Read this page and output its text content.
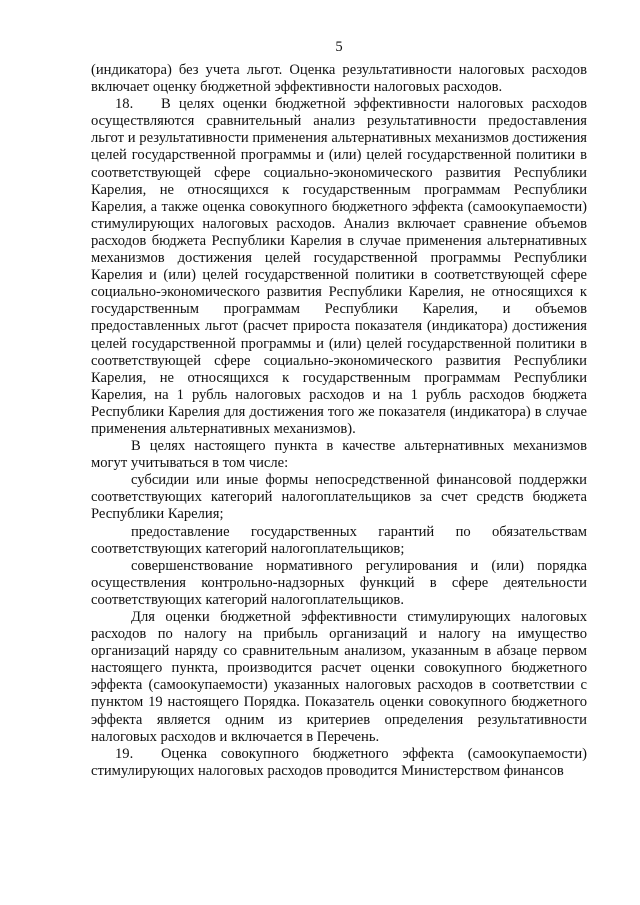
5

(индикатора) без учета льгот. Оценка результативности налоговых расходов включает оценку бюджетной эффективности налоговых расходов.

18. В целях оценки бюджетной эффективности налоговых расходов осуществляются сравнительный анализ результативности предоставления льгот и результативности применения альтернативных механизмов достижения целей государственной программы и (или) целей государственной политики в соответствующей сфере социально-экономического развития Республики Карелия, не относящихся к государственным программам Республики Карелия, а также оценка совокупного бюджетного эффекта (самоокупаемости) стимулирующих налоговых расходов. Анализ включает сравнение объемов расходов бюджета Республики Карелия в случае применения альтернативных механизмов достижения целей государственной программы Республики Карелия и (или) целей государственной политики в соответствующей сфере социально-экономического развития Республики Карелия, не относящихся к государственным программам Республики Карелия, и объемов предоставленных льгот (расчет прироста показателя (индикатора) достижения целей государственной программы и (или) целей государственной политики в соответствующей сфере социально-экономического развития Республики Карелия, не относящихся к государственным программам Республики Карелия, на 1 рубль налоговых расходов и на 1 рубль расходов бюджета Республики Карелия для достижения того же показателя (индикатора) в случае применения альтернативных механизмов).

В целях настоящего пункта в качестве альтернативных механизмов могут учитываться в том числе:

субсидии или иные формы непосредственной финансовой поддержки соответствующих категорий налогоплательщиков за счет средств бюджета Республики Карелия;

предоставление государственных гарантий по обязательствам соответствующих категорий налогоплательщиков;

совершенствование нормативного регулирования и (или) порядка осуществления контрольно-надзорных функций в сфере деятельности соответствующих категорий налогоплательщиков.

Для оценки бюджетной эффективности стимулирующих налоговых расходов по налогу на прибыль организаций и налогу на имущество организаций наряду со сравнительным анализом, указанным в абзаце первом настоящего пункта, производится расчет оценки совокупного бюджетного эффекта (самоокупаемости) указанных налоговых расходов в соответствии с пунктом 19 настоящего Порядка. Показатель оценки совокупного бюджетного эффекта является одним из критериев определения результативности налоговых расходов и включается в Перечень.

19. Оценка совокупного бюджетного эффекта (самоокупаемости) стимулирующих налоговых расходов проводится Министерством финансов
